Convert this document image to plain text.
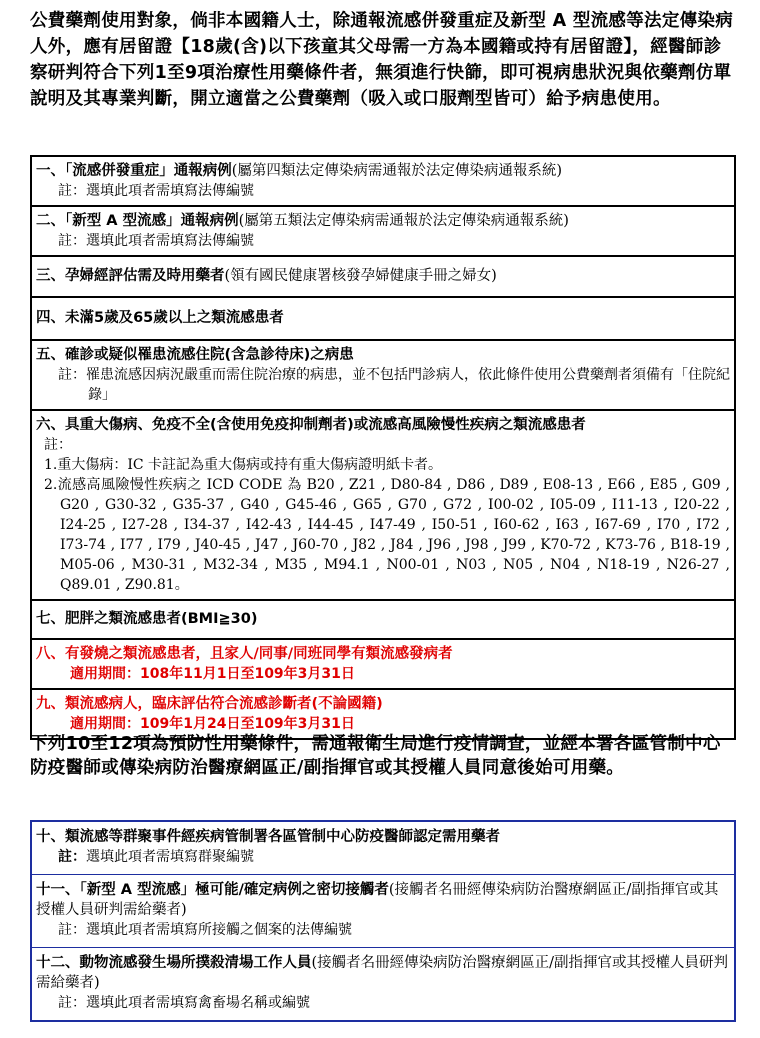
公費藥劑使用對象，倘非本國籍人士，除通報流感併發重症及新型 A 型流感等法定傳染病人外，應有居留證【18歲(含)以下孩童其父母需一方為本國籍或持有居留證】，經醫師診察研判符合下列1至9項治療性用藥條件者，無須進行快篩，即可視病患狀況與依藥劑仿單說明及其專業判斷，開立適當之公費藥劑（吸入或口服劑型皆可）給予病患使用。
一、「流感併發重症」通報病例(屬第四類法定傳染病需通報於法定傳染病通報系統)
註：選填此項者需填寫法傳編號
二、「新型 A 型流感」通報病例(屬第五類法定傳染病需通報於法定傳染病通報系統)
註：選填此項者需填寫法傳編號
三、孕婦經評估需及時用藥者(領有國民健康署核發孕婦健康手冊之婦女)
四、未滿5歲及65歲以上之類流感患者
五、確診或疑似罹患流感住院(含急診待床)之病患
註：罹患流感因病況嚴重而需住院治療的病患，並不包括門診病人，依此條件使用公費藥劑者須備有「住院紀錄」
六、具重大傷病、免疫不全(含使用免疫抑制劑者)或流感高風險慢性疾病之類流感患者
註：
1.重大傷病：IC 卡註記為重大傷病或持有重大傷病證明紙卡者。
2.流感高風險慢性疾病之 ICD CODE 為 B20 , Z21 , D80-84 , D86 , D89 , E08-13 , E66 , E85 , G09 , G20 , G30-32 , G35-37 , G40 , G45-46 , G65 , G70 , G72 , I00-02 , I05-09 , I11-13 , I20-22 , I24-25 , I27-28 , I34-37 , I42-43 , I44-45 , I47-49 , I50-51 , I60-62 , I63 , I67-69 , I70 , I72 , I73-74 , I77 , I79 , J40-45 , J47 , J60-70 , J82 , J84 , J96 , J98 , J99 , K70-72 , K73-76 , B18-19 , M05-06 , M30-31 , M32-34 , M35 , M94.1 , N00-01 , N03 , N05 , N04 , N18-19 , N26-27 , Q89.01 , Z90.81。
七、肥胖之類流感患者(BMI≧30)
八、有發燒之類流感患者，且家人/同事/同班同學有類流感發病者
適用期間：108年11月1日至109年3月31日
九、類流感病人，臨床評估符合流感診斷者(不論國籍)
適用期間：109年1月24日至109年3月31日
下列10至12項為預防性用藥條件，需通報衛生局進行疫情調查，並經本署各區管制中心防疫醫師或傳染病防治醫療網區正/副指揮官或其授權人員同意後始可用藥。
十、類流感等群聚事件經疾病管制署各區管制中心防疫醫師認定需用藥者
註：選填此項者需填寫群聚編號
十一、「新型 A 型流感」極可能/確定病例之密切接觸者(接觸者名冊經傳染病防治醫療網區正/副指揮官或其授權人員研判需給藥者)
註：選填此項者需填寫所接觸之個案的法傳編號
十二、動物流感發生場所撲殺清場工作人員(接觸者名冊經傳染病防治醫療網區正/副指揮官或其授權人員研判需給藥者)
註：選填此項者需填寫禽畜場名稱或編號
